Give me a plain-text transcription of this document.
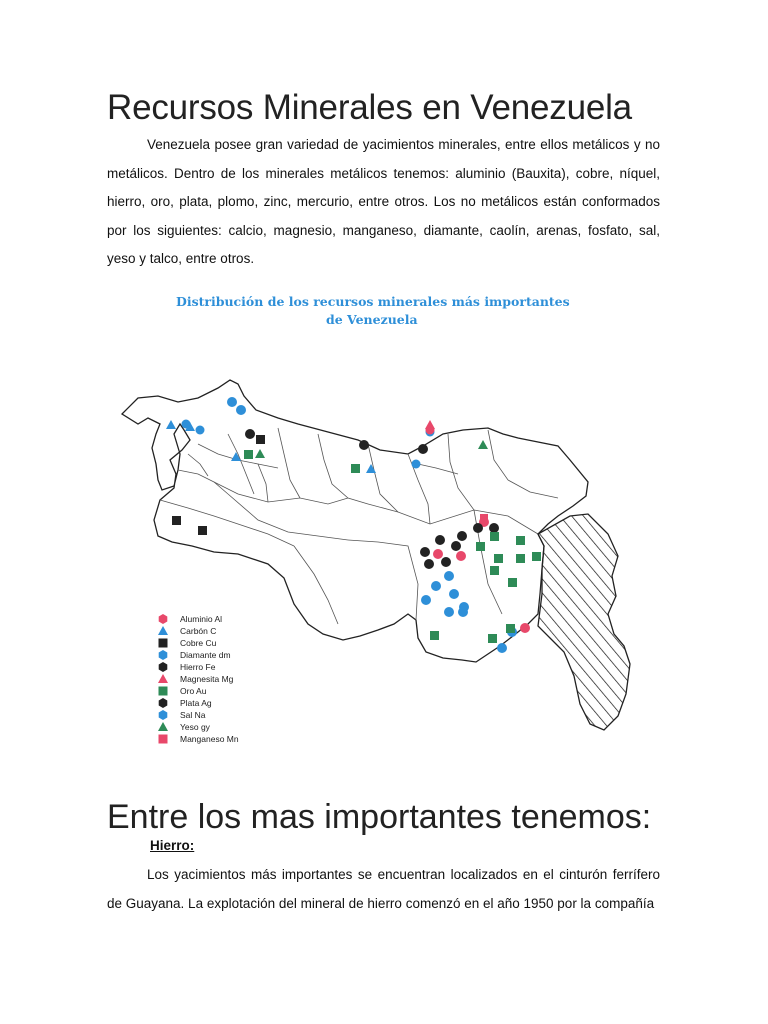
Recursos Minerales en Venezuela

Venezuela posee gran variedad de yacimientos minerales, entre ellos metálicos y no metálicos. Dentro de los minerales metálicos tenemos: aluminio (Bauxita), cobre, níquel, hierro, oro, plata, plomo, zinc, mercurio, entre otros. Los no metálicos están conformados por los siguientes: calcio, magnesio, manganeso, diamante, caolín, arenas, fosfato, sal, yeso y talco, entre otros.

Distribución de los recursos minerales más importantes
de Venezuela
Aluminio Al
Carbón C
Cobre Cu
Diamante dm
Hierro Fe
Magnesita Mg
Oro Au
Plata Ag
Sal Na
Yeso gy
Manganeso Mn
Entre los mas importantes tenemos:

Hierro:

Los yacimientos más importantes se encuentran localizados en el cinturón ferrífero de Guayana. La explotación del mineral de hierro comenzó en el año 1950 por la compañía
